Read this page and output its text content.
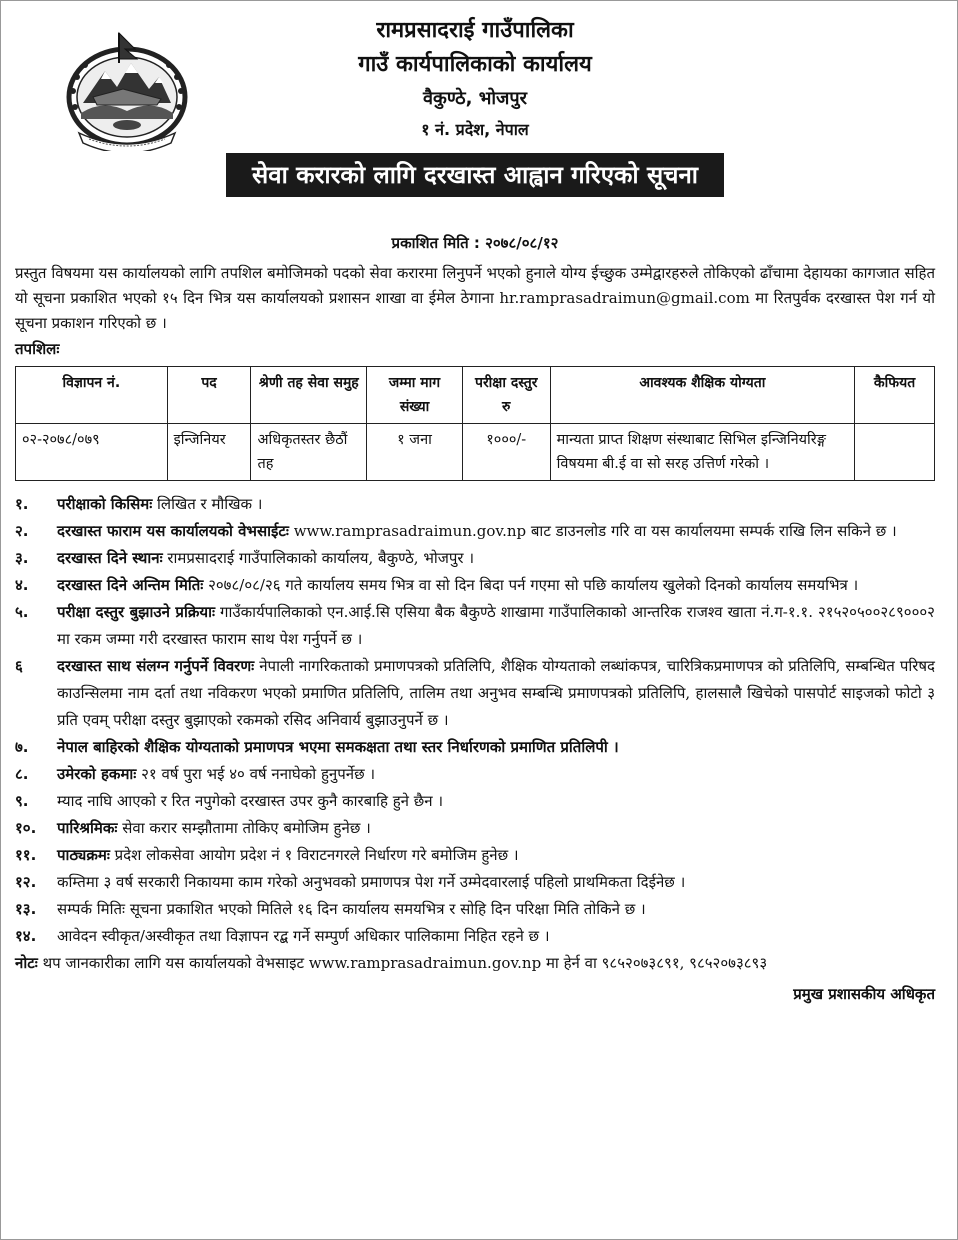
रामप्रसादराई गाउँपालिका
गाउँ कार्यपालिकाको कार्यालय
वैकुण्ठे, भोजपुर
१ नं. प्रदेश, नेपाल
सेवा करारको लागि दरखास्त आह्वान गरिएको सूचना
प्रकाशित मिति : २०७८/०८/१२

प्रस्तुत विषयमा यस कार्यालयको लागि तपशिल बमोजिमको पदको सेवा करारमा लिनुपर्ने भएको हुनाले योग्य ईच्छुक उम्मेद्वारहरुले तोकिएको ढाँचामा देहायका कागजात सहित यो सूचना प्रकाशित भएको १५ दिन भित्र यस कार्यालयको प्रशासन शाखा वा ईमेल ठेगाना hr.ramprasadraimun@gmail.com मा रितपुर्वक दरखास्त पेश गर्न यो सूचना प्रकाशन गरिएको छ ।

तपशिलः
विज्ञापन नं.	पद	श्रेणी तह सेवा समुह	जम्मा माग संख्या	परीक्षा दस्तुर रु	आवश्यक शैक्षिक योग्यता	कैफियत
०२-२०७८/०७९	इन्जिनियर	अधिकृतस्तर छैठौं तह	१ जना	१०००/-	मान्यता प्राप्त शिक्षण संस्थाबाट सिभिल इन्जिनियरिङ्ग विषयमा बी.ई वा सो सरह उत्तिर्ण गरेको ।	
१.	परीक्षाको किसिमः लिखित र मौखिक ।
२.	दरखास्त फाराम यस कार्यालयको वेभसाईटः www.ramprasadraimun.gov.np बाट डाउनलोड गरि वा यस कार्यालयमा सम्पर्क राखि लिन सकिने छ ।
३.	दरखास्त दिने स्थानः रामप्रसादराई गाउँपालिकाको कार्यालय, बैकुण्ठे, भोजपुर ।
४.	दरखास्त दिने अन्तिम मितिः २०७८/०८/२६ गते कार्यालय समय भित्र वा सो दिन बिदा पर्न गएमा सो पछि कार्यालय खुलेको दिनको कार्यालय समयभित्र ।
५.	परीक्षा दस्तुर बुझाउने प्रक्रियाः गाउँकार्यपालिकाको एन.आई.सि एसिया बैक बैकुण्ठे शाखामा गाउँपालिकाको आन्तरिक राजश्व खाता नं.ग-१.१. २१५२०५००२८९०००२ मा रकम जम्मा गरी दरखास्त फाराम साथ पेश गर्नुपर्ने छ ।
६	दरखास्त साथ संलग्न गर्नुपर्ने विवरणः नेपाली नागरिकताको प्रमाणपत्रको प्रतिलिपि, शैक्षिक योग्यताको लब्धांकपत्र, चारित्रिकप्रमाणपत्र को प्रतिलिपि, सम्बन्धित परिषद काउन्सिलमा नाम दर्ता तथा नविकरण भएको प्रमाणित प्रतिलिपि, तालिम तथा अनुभव सम्बन्धि प्रमाणपत्रको प्रतिलिपि, हालसालै खिचेको पासपोर्ट साइजको फोटो ३ प्रति एवम् परीक्षा दस्तुर बुझाएको रकमको रसिद अनिवार्य बुझाउनुपर्ने छ ।
७.	नेपाल बाहिरको शैक्षिक योग्यताको प्रमाणपत्र भएमा समकक्षता तथा स्तर निर्धारणको प्रमाणित प्रतिलिपी ।
८.	उमेरको हकमाः २१ वर्ष पुरा भई ४० वर्ष ननाघेको हुनुपर्नेछ ।
९.	म्याद नाघि आएको र रित नपुगेको दरखास्त उपर कुनै कारबाहि हुने छैन ।
१०.	पारिश्रमिकः सेवा करार सम्झौतामा तोकिए बमोजिम हुनेछ ।
११.	पाठ्यक्रमः प्रदेश लोकसेवा आयोग प्रदेश नं १ विराटनगरले निर्धारण गरे बमोजिम हुनेछ ।
१२.	कम्तिमा ३ वर्ष सरकारी निकायमा काम गरेको अनुभवको प्रमाणपत्र पेश गर्ने उम्मेदवारलाई पहिलो प्राथमिकता दिईनेछ ।
१३.	सम्पर्क मितिः सूचना प्रकाशित भएको मितिले १६ दिन कार्यालय समयभित्र र सोहि दिन परिक्षा मिति तोकिने छ ।
१४.	आवेदन स्वीकृत/अस्वीकृत तथा विज्ञापन रद्ब गर्ने सम्पुर्ण अधिकार पालिकामा निहित रहने छ ।

नोटः थप जानकारीका लागि यस कार्यालयको वेभसाइट www.ramprasadraimun.gov.np मा हेर्न वा ९८५२०७३८९१, ९८५२०७३८९३

प्रमुख प्रशासकीय अधिकृत
